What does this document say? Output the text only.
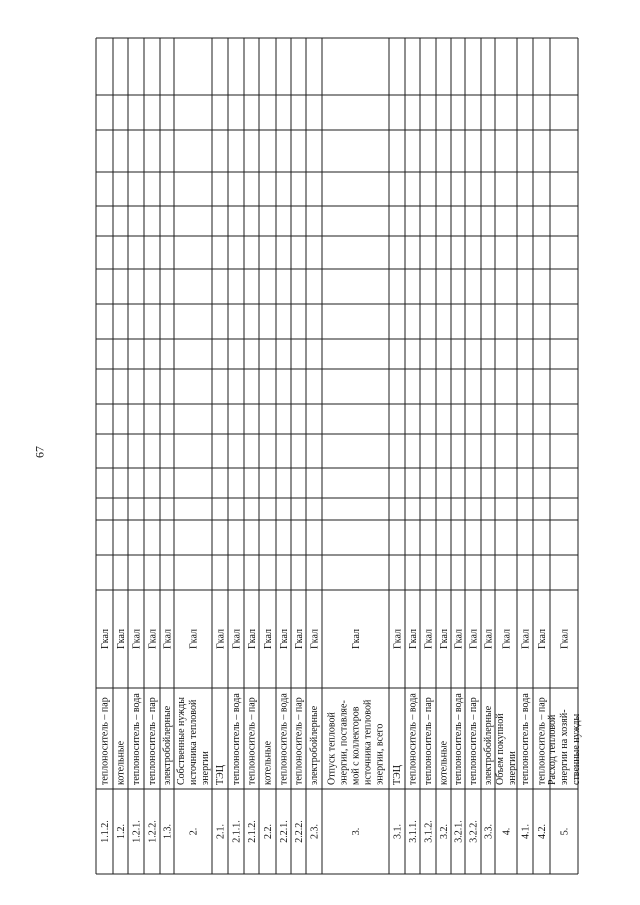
67
1.1.2.
теплоноситель – пар
Гкал
1.2.
котельные
Гкал
1.2.1.
теплоноситель – вода
Гкал
1.2.2.
теплоноситель – пар
Гкал
1.3.
электробойлерные
Гкал
2.
Собственные нужды источника тепловой энергии
Гкал
2.1.
ТЭЦ
Гкал
2.1.1.
теплоноситель – вода
Гкал
2.1.2.
теплоноситель – пар
Гкал
2.2.
котельные
Гкал
2.2.1.
теплоноситель – вода
Гкал
2.2.2.
теплоноситель – пар
Гкал
2.3.
электробойлерные
Гкал
3.
Отпуск тепловой энергии, поставляе- мой с коллекторов источника тепловой энергии, всего
Гкал
3.1.
ТЭЦ
Гкал
3.1.1.
теплоноситель – вода
Гкал
3.1.2.
теплоноситель – пар
Гкал
3.2.
котельные
Гкал
3.2.1.
теплоноситель – вода
Гкал
3.2.2.
теплоноситель – пар
Гкал
3.3.
электробойлерные
Гкал
4.
Объем покупной энергии
Гкал
4.1.
теплоноситель – вода
Гкал
4.2.
теплоноситель – пар
Гкал
5.
Расход тепловой энергии на хозяй- ственные нужды
Гкал
